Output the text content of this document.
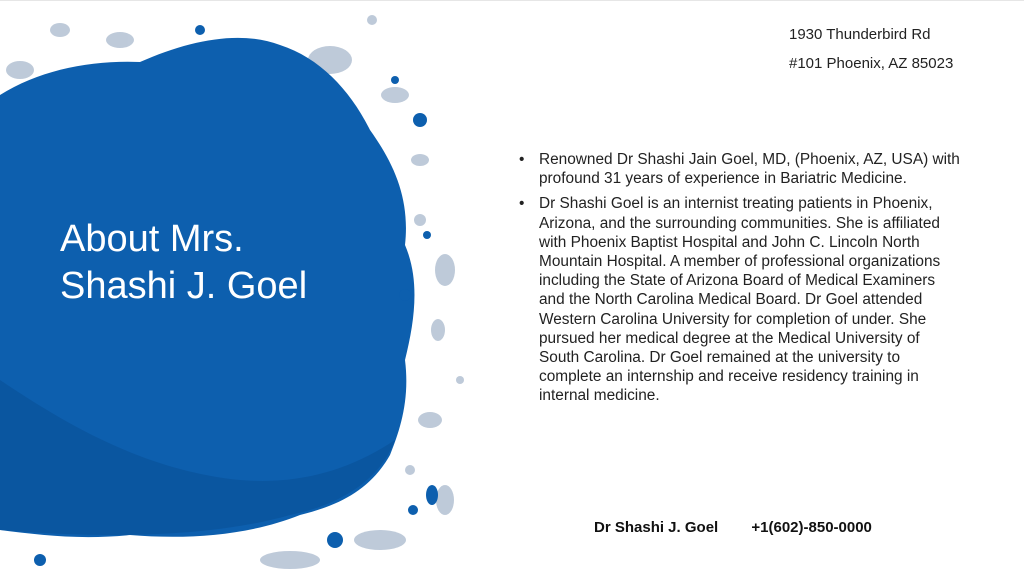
About Mrs.
Shashi J. Goel
1930 Thunderbird Rd
#101 Phoenix, AZ 85023
• Renowned Dr Shashi Jain Goel, MD, (Phoenix, AZ, USA) with profound 31 years of experience in Bariatric Medicine.
• Dr Shashi Goel is an internist treating patients in Phoenix, Arizona, and the surrounding communities. She is affiliated with Phoenix Baptist Hospital and John C. Lincoln North Mountain Hospital. A member of professional organizations including the State of Arizona Board of Medical Examiners and the North Carolina Medical Board. Dr Goel attended Western Carolina University for completion of under. She pursued her medical degree at the Medical University of South Carolina. Dr Goel remained at the university to complete an internship and receive residency training in internal medicine.
Dr Shashi J. Goel +1(602)-850-0000
